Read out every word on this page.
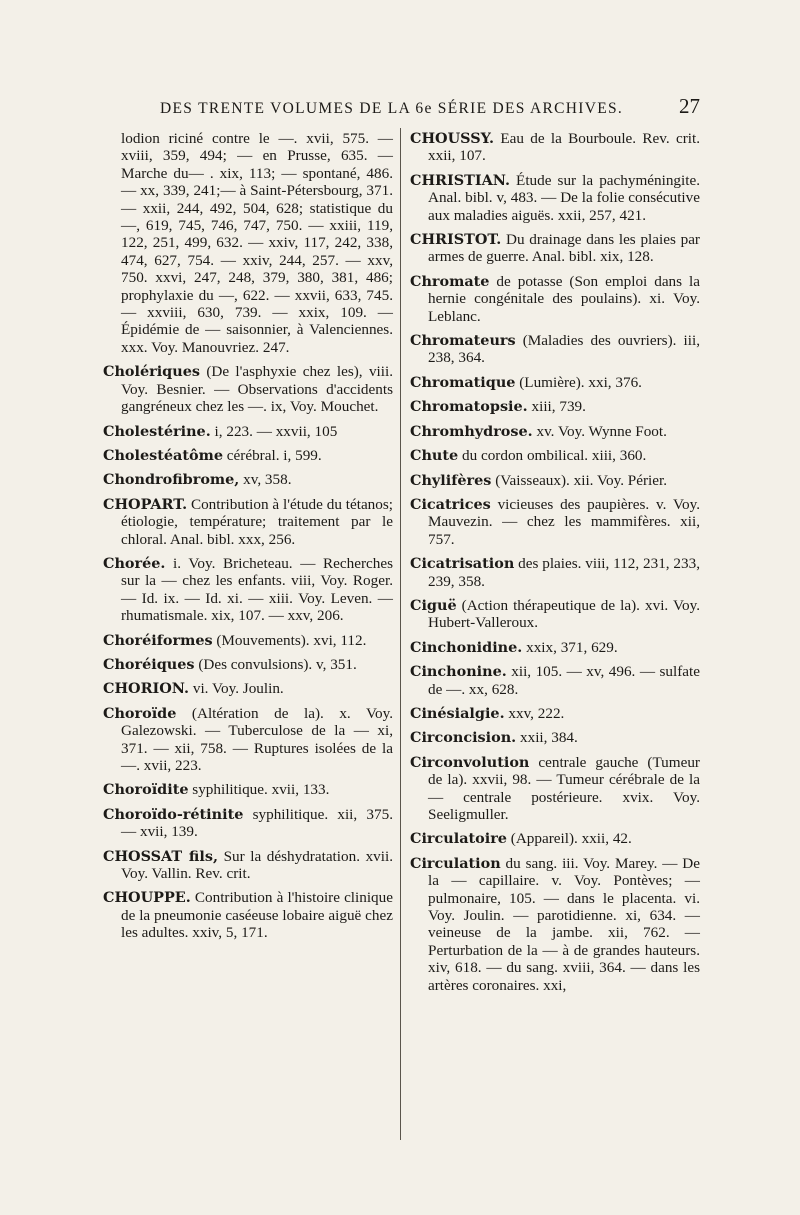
DES TRENTE VOLUMES DE LA 6e SÉRIE DES ARCHIVES.	27

lodion riciné contre le —. xvii, 575. — xviii, 359, 494; — en Prusse, 635. — Marche du— . xix, 113; — spontané, 486. — xx, 339, 241;— à Saint-Pétersbourg, 371. — xxii, 244, 492, 504, 628; statistique du —, 619, 745, 746, 747, 750. — xxiii, 119, 122, 251, 499, 632. — xxiv, 117, 242, 338, 474, 627, 754. — xxiv, 244, 257. — xxv, 750. xxvi, 247, 248, 379, 380, 381, 486; prophylaxie du —, 622. — xxvii, 633, 745. — xxviii, 630, 739. — xxix, 109. — Épidémie de — saisonnier, à Valenciennes. xxx. Voy. Manouvriez. 247.

Cholériques (De l'asphyxie chez les), viii. Voy. Besnier. — Observations d'accidents gangréneux chez les —. ix, Voy. Mouchet.

Cholestérine. i, 223. — xxvii, 105

Cholestéatôme cérébral. i, 599.

Chondrofibrome, xv, 358.

CHOPART. Contribution à l'étude du tétanos; étiologie, température; traitement par le chloral. Anal. bibl. xxx, 256.

Chorée. i. Voy. Bricheteau. — Recherches sur la — chez les enfants. viii, Voy. Roger. — Id. ix. — Id. xi. — xiii. Voy. Leven. — rhumatismale. xix, 107. — xxv, 206.

Choréiformes (Mouvements). xvi, 112.

Choréiques (Des convulsions). v, 351.

CHORION. vi. Voy. Joulin.

Choroïde (Altération de la). x. Voy. Galezowski. — Tuberculose de la — xi, 371. — xii, 758. — Ruptures isolées de la —. xvii, 223.

Choroïdite syphilitique. xvii, 133.

Choroïdo-rétinite syphilitique. xii, 375. — xvii, 139.

CHOSSAT fils, Sur la déshydratation. xvii. Voy. Vallin. Rev. crit.

CHOUPPE. Contribution à l'histoire clinique de la pneumonie caséeuse lobaire aiguë chez les adultes. xxiv, 5, 171.

CHOUSSY. Eau de la Bourboule. Rev. crit. xxii, 107.

CHRISTIAN. Étude sur la pachyméningite. Anal. bibl. v, 483. — De la folie consécutive aux maladies aiguës. xxii, 257, 421.

CHRISTOT. Du drainage dans les plaies par armes de guerre. Anal. bibl. xix, 128.

Chromate de potasse (Son emploi dans la hernie congénitale des poulains). xi. Voy. Leblanc.

Chromateurs (Maladies des ouvriers). iii, 238, 364.

Chromatique (Lumière). xxi, 376.

Chromatopsie. xiii, 739.

Chromhydrose. xv. Voy. Wynne Foot.

Chute du cordon ombilical. xiii, 360.

Chylifères (Vaisseaux). xii. Voy. Périer.

Cicatrices vicieuses des paupières. v. Voy. Mauvezin. — chez les mammifères. xii, 757.

Cicatrisation des plaies. viii, 112, 231, 233, 239, 358.

Ciguë (Action thérapeutique de la). xvi. Voy. Hubert-Valleroux.

Cinchonidine. xxix, 371, 629.

Cinchonine. xii, 105. — xv, 496. — sulfate de —. xx, 628.

Cinésialgie. xxv, 222.

Circoncision. xxii, 384.

Circonvolution centrale gauche (Tumeur de la). xxvii, 98. — Tumeur cérébrale de la — centrale postérieure. xvix. Voy. Seeligmuller.

Circulatoire (Appareil). xxii, 42.

Circulation du sang. iii. Voy. Marey. — De la — capillaire. v. Voy. Pontèves; — pulmonaire, 105. — dans le placenta. vi. Voy. Joulin. — parotidienne. xi, 634. — veineuse de la jambe. xii, 762. — Perturbation de la — à de grandes hauteurs. xiv, 618. — du sang. xviii, 364. — dans les artères coronaires. xxi,
